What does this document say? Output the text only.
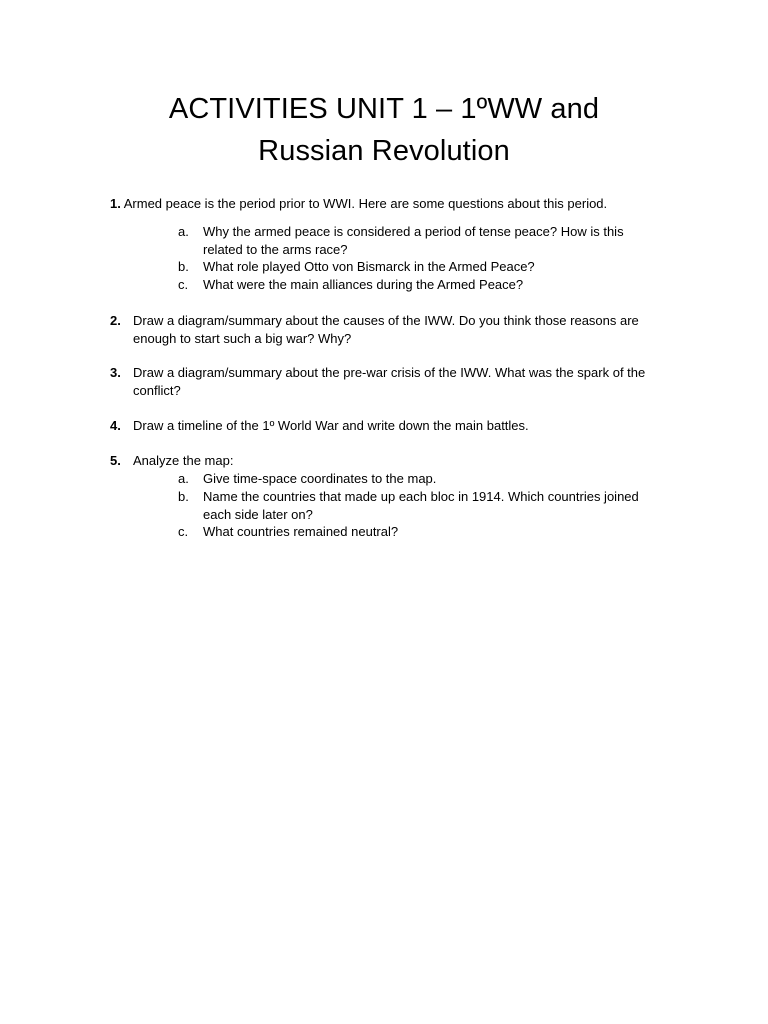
ACTIVITIES UNIT 1 – 1ºWW and
Russian Revolution
1. Armed peace is the period prior to WWI. Here are some questions about this period.
a.	Why the armed peace is considered a period of tense peace? How is this related to the arms race?
b.	What role played Otto von Bismarck in the Armed Peace?
c.	What were the main alliances during the Armed Peace?
2. Draw a diagram/summary about the causes of the IWW. Do you think those reasons are enough to start such a big war? Why?
3. Draw a diagram/summary about the pre-war crisis of the IWW. What was the spark of the conflict?
4. Draw a timeline of the 1º World War and write down the main battles.
5. Analyze the map:
a.	Give time-space coordinates to the map.
b.	Name the countries that made up each bloc in 1914. Which countries joined each side later on?
c.	What countries remained neutral?
